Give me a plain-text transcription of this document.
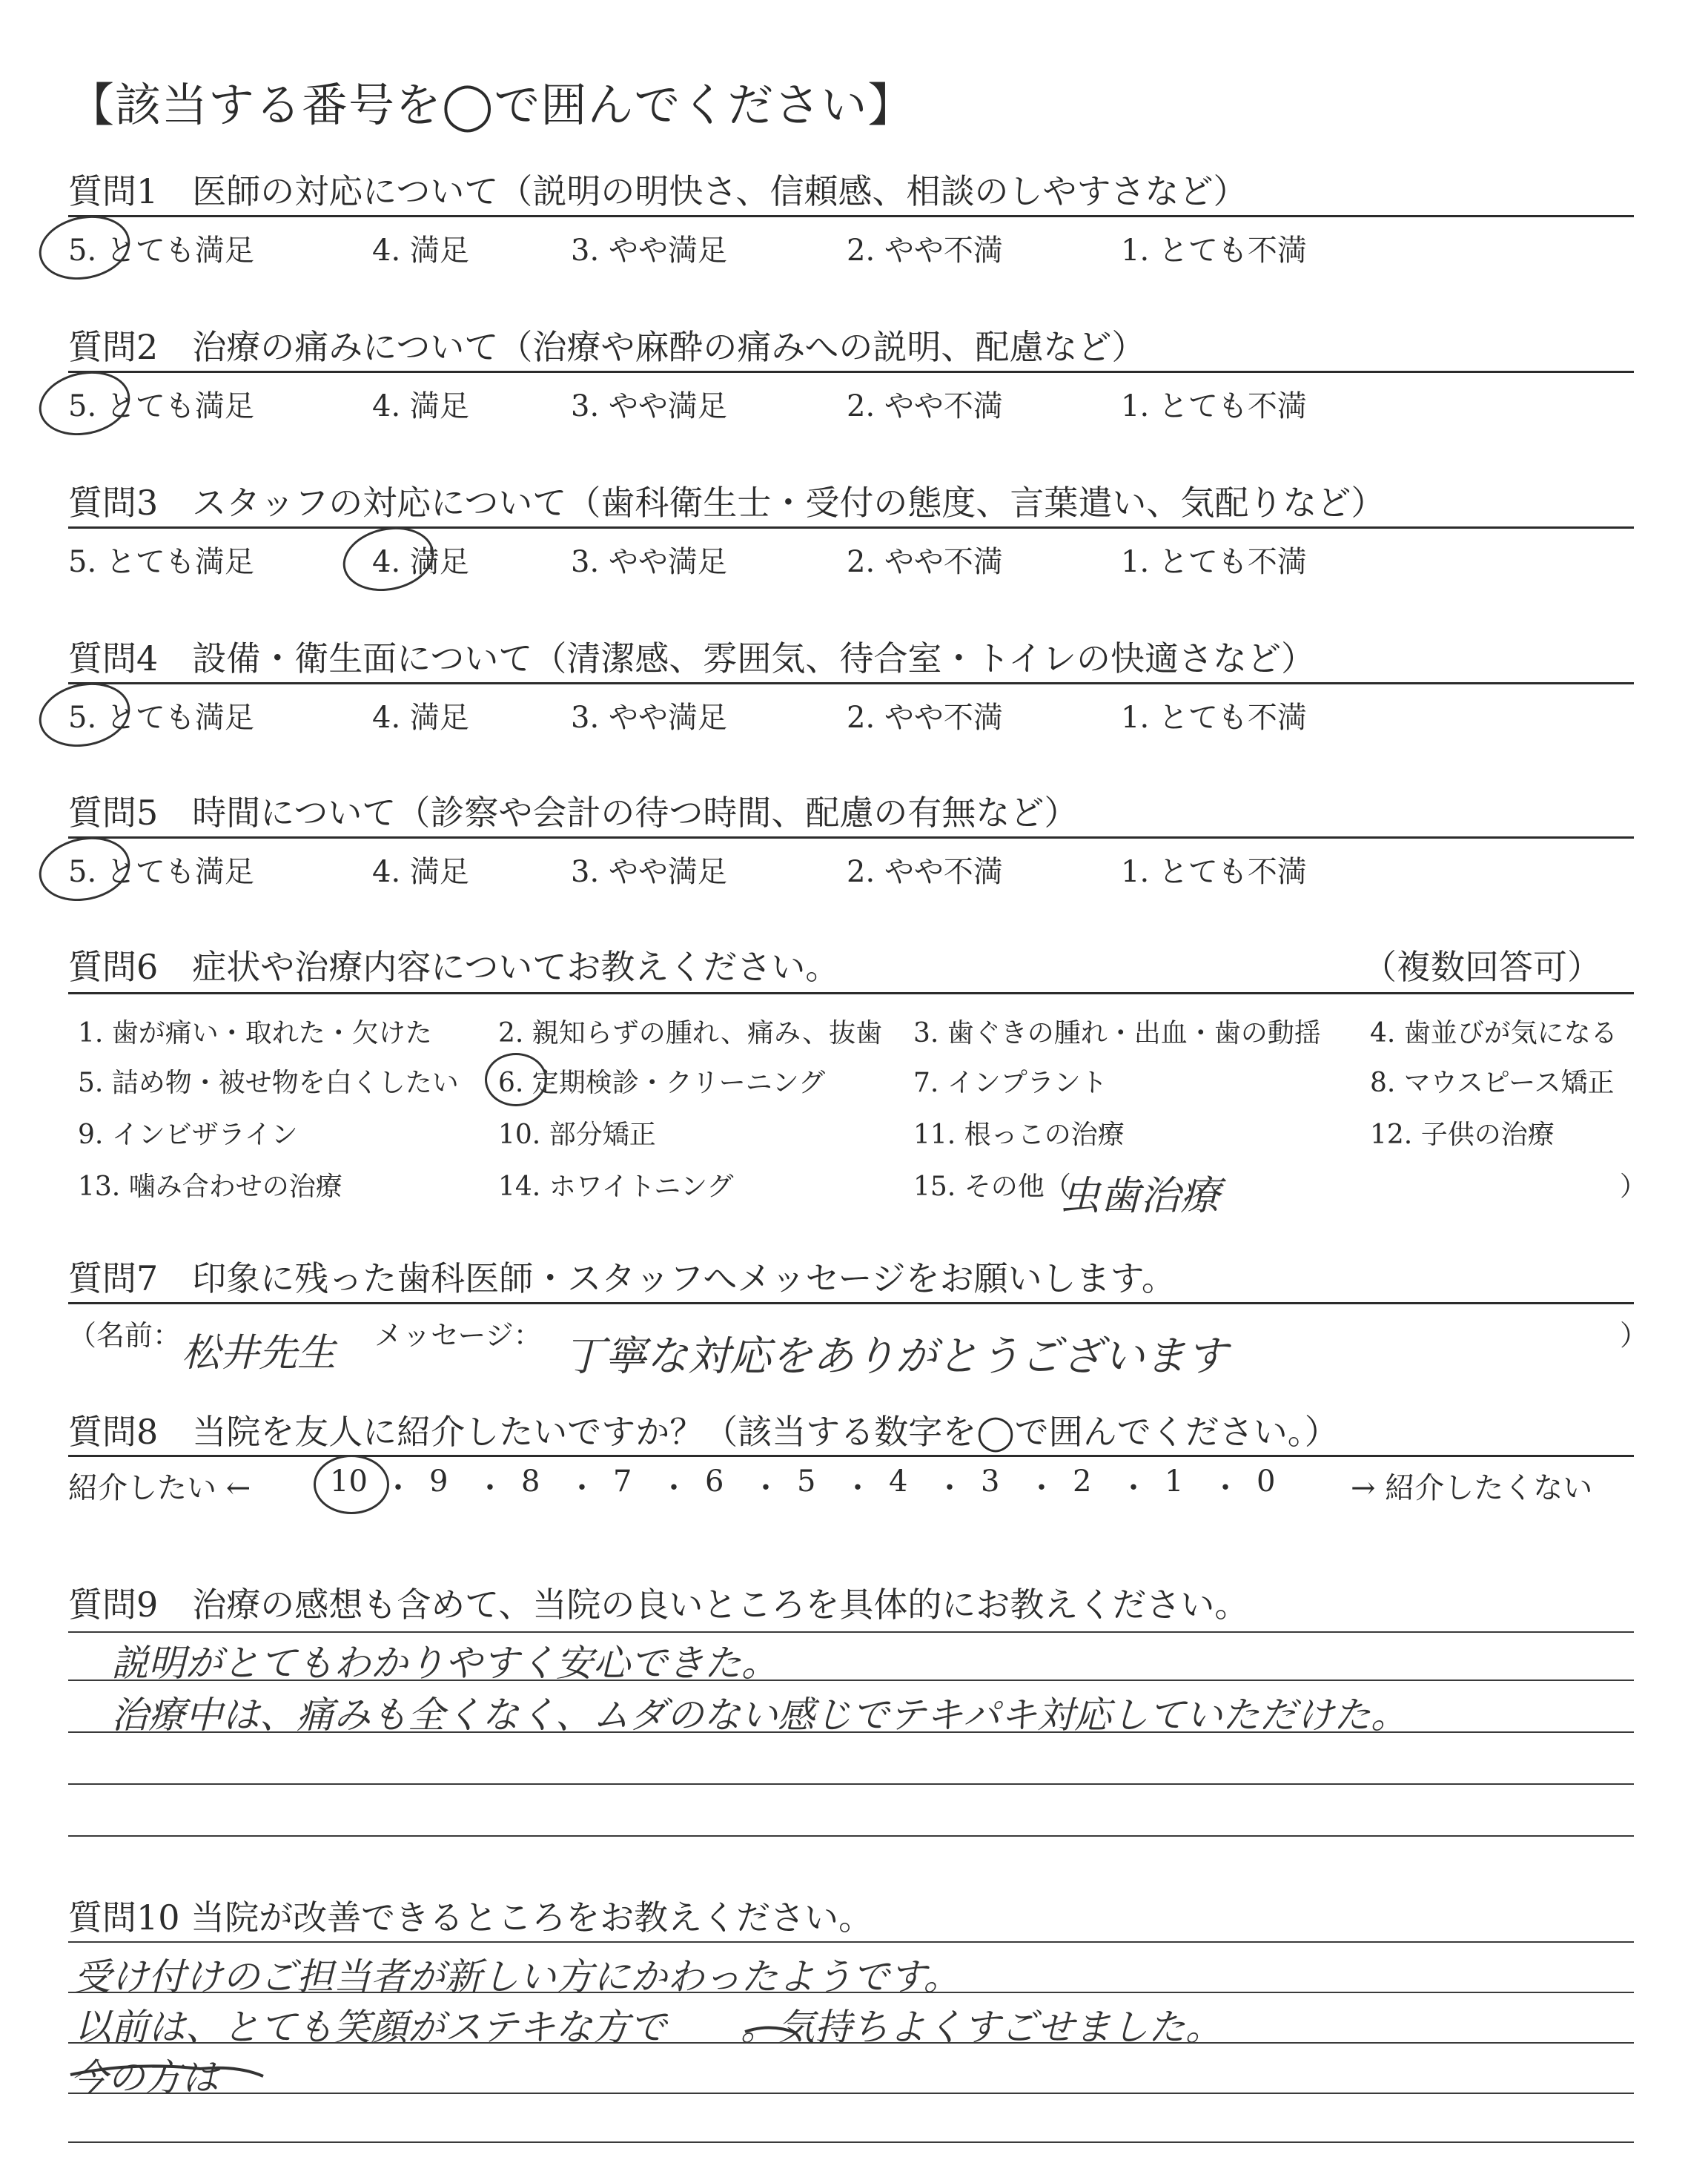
【該当する番号を◯で囲んでください】
質問1　医師の対応について（説明の明快さ、信頼感、相談のしやすさなど）
5. とても満足	4. 満足	3. やや満足	2. やや不満	1. とても不満
質問2　治療の痛みについて（治療や麻酔の痛みへの説明、配慮など）
5. とても満足	4. 満足	3. やや満足	2. やや不満	1. とても不満
質問3　スタッフの対応について（歯科衛生士・受付の態度、言葉遣い、気配りなど）
5. とても満足	4. 満足	3. やや満足	2. やや不満	1. とても不満
質問4　設備・衛生面について（清潔感、雰囲気、待合室・トイレの快適さなど）
5. とても満足	4. 満足	3. やや満足	2. やや不満	1. とても不満
質問5　時間について（診察や会計の待つ時間、配慮の有無など）
5. とても満足	4. 満足	3. やや満足	2. やや不満	1. とても不満
質問6　症状や治療内容についてお教えください。	（複数回答可）
1. 歯が痛い・取れた・欠けた 2. 親知らずの腫れ、痛み、抜歯 3. 歯ぐきの腫れ・出血・歯の動揺 4. 歯並びが気になる
5. 詰め物・被せ物を白くしたい 6. 定期検診・クリーニング	7. インプラント	8. マウスピース矯正
9. インビザライン	10. 部分矯正	11. 根っこの治療	12. 子供の治療
13. 噛み合わせの治療	14. ホワイトニング	15. その他（	）
虫歯治療
質問7　印象に残った歯科医師・スタッフへメッセージをお願いします。
（名前： 松井先生 メッセージ： 丁寧な対応をありがとうございます	）
質問8　当院を友人に紹介したいですか？（該当する数字を◯で囲んでください。）
紹介したい ←	10 ・ 9 ・ 8 ・ 7 ・ 6 ・ 5 ・ 4 ・ 3 ・ 2 ・ 1 ・ 0	→ 紹介したくない
質問9　治療の感想も含めて、当院の良いところを具体的にお教えください。
説明がとてもわかりやすく安心できた。
治療中は、痛みも全くなく、ムダのない感じでテキパキ対応していただけた。
質問10 当院が改善できるところをお教えください。
受け付けのご担当者が新しい方にかわったようです。
以前は、とても笑顔がステキな方で　　。気持ちよくすごせました。
今の方は
